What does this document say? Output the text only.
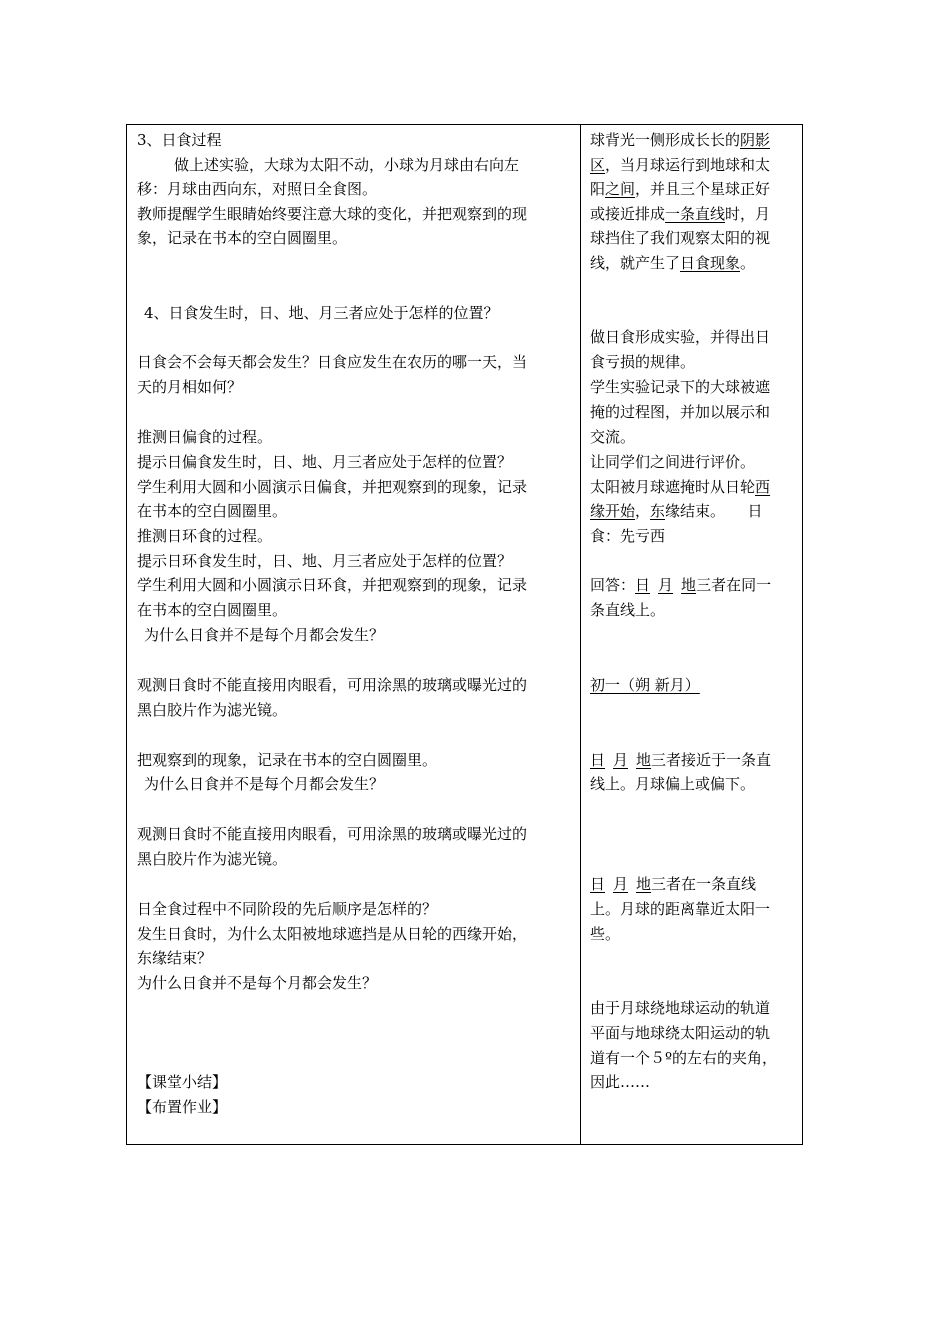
3、日食过程
做上述实验，大球为太阳不动，小球为月球由右向左
移：月球由西向东，对照日全食图。
教师提醒学生眼睛始终要注意大球的变化，并把观察到的现
象，记录在书本的空白圆圈里。
4、日食发生时，日、地、月三者应处于怎样的位置？
日食会不会每天都会发生？日食应发生在农历的哪一天，当
天的月相如何？
推测日偏食的过程。
提示日偏食发生时，日、地、月三者应处于怎样的位置？
学生利用大圆和小圆演示日偏食，并把观察到的现象，记录
在书本的空白圆圈里。
推测日环食的过程。
提示日环食发生时，日、地、月三者应处于怎样的位置？
学生利用大圆和小圆演示日环食，并把观察到的现象，记录
在书本的空白圆圈里。
为什么日食并不是每个月都会发生？
观测日食时不能直接用肉眼看，可用涂黑的玻璃或曝光过的
黑白胶片作为滤光镜。
把观察到的现象，记录在书本的空白圆圈里。
为什么日食并不是每个月都会发生？
观测日食时不能直接用肉眼看，可用涂黑的玻璃或曝光过的
黑白胶片作为滤光镜。
日全食过程中不同阶段的先后顺序是怎样的？
发生日食时，为什么太阳被地球遮挡是从日轮的西缘开始，
东缘结束？
为什么日食并不是每个月都会发生？
【课堂小结】
【布置作业】
球背光一侧形成长长的阴影
区，当月球运行到地球和太
阳之间，并且三个星球正好
或接近排成一条直线时，月
球挡住了我们观察太阳的视
线，就产生了日食现象。
做日食形成实验，并得出日
食亏损的规律。
学生实验记录下的大球被遮
掩的过程图，并加以展示和
交流。
让同学们之间进行评价。
太阳被月球遮掩时从日轮西
缘开始，东缘结束。　　日
食：先亏西
回答：日 月 地三者在同一
条直线上。
初一（朔 新月）
日 月 地三者接近于一条直
线上。月球偏上或偏下。
日 月 地三者在一条直线
上。月球的距离靠近太阳一
些。
由于月球绕地球运动的轨道
平面与地球绕太阳运动的轨
道有一个５º的左右的夹角，
因此……
